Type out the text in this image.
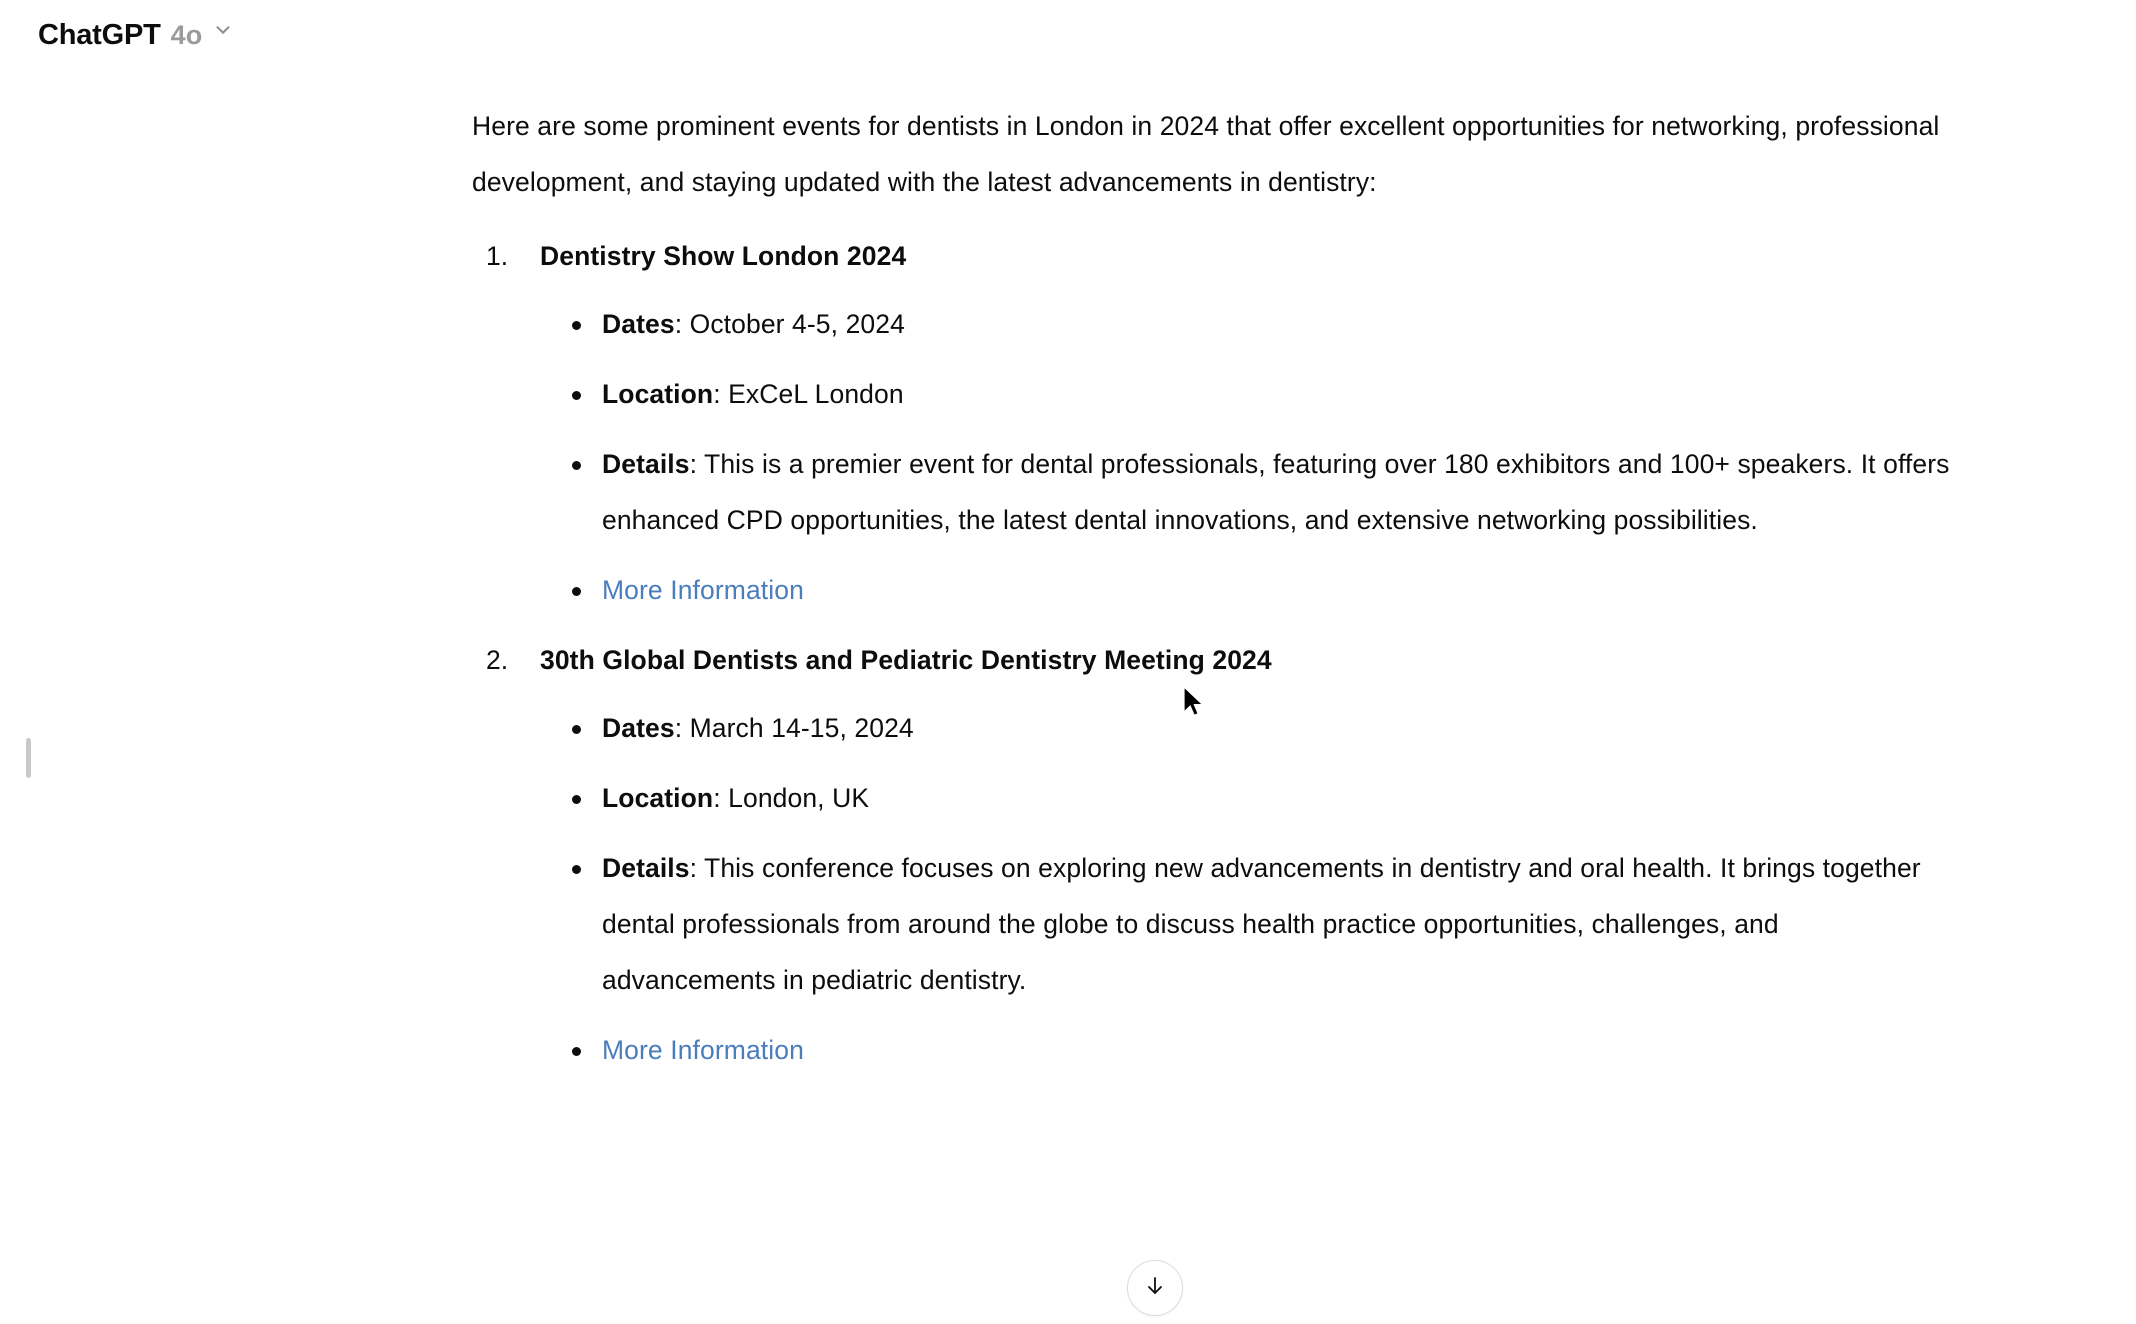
ChatGPT 4o

Here are some prominent events for dentists in London in 2024 that offer excellent opportunities for networking, professional development, and staying updated with the latest advancements in dentistry:

1. Dentistry Show London 2024
Dates: October 4-5, 2024
Location: ExCeL London
Details: This is a premier event for dental professionals, featuring over 180 exhibitors and 100+ speakers. It offers enhanced CPD opportunities, the latest dental innovations, and extensive networking possibilities.
More Information
2. 30th Global Dentists and Pediatric Dentistry Meeting 2024
Dates: March 14-15, 2024
Location: London, UK
Details: This conference focuses on exploring new advancements in dentistry and oral health. It brings together dental professionals from around the globe to discuss health practice opportunities, challenges, and advancements in pediatric dentistry.
More Information
